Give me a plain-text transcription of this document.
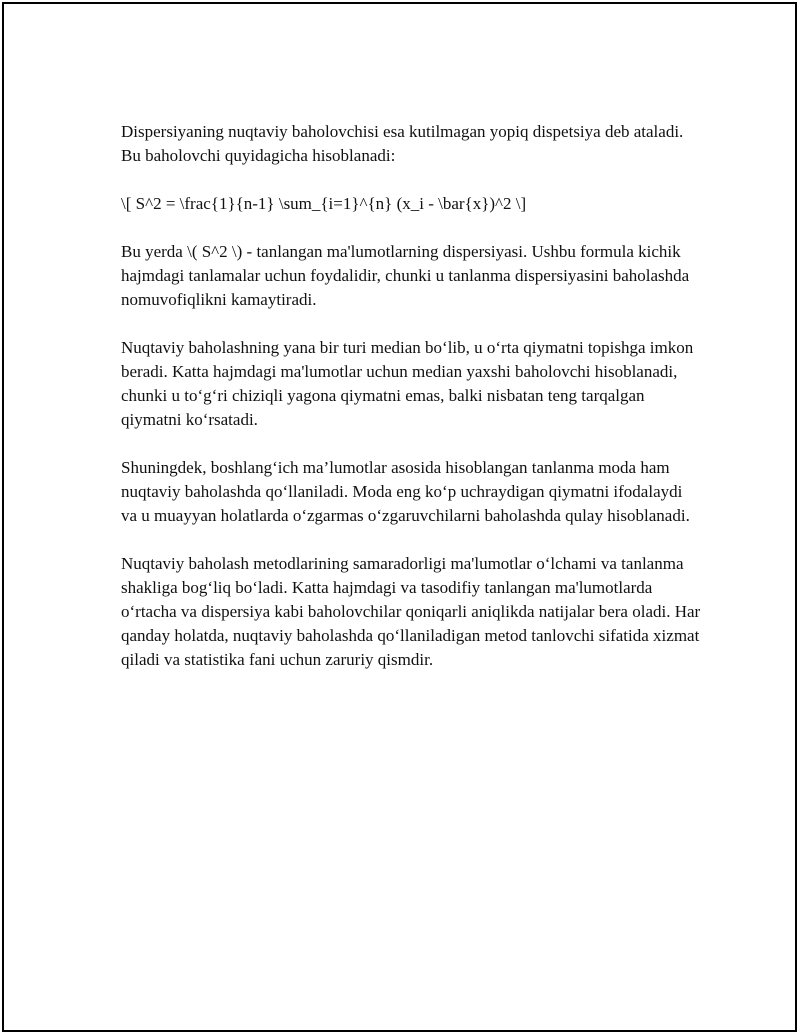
Dispersiyaning nuqtaviy baholovchisi esa kutilmagan yopiq dispetsiya deb ataladi. Bu baholovchi quyidagicha hisoblanadi:

\[ S^2 = \frac{1}{n-1} \sum_{i=1}^{n} (x_i - \bar{x})^2 \]

Bu yerda \( S^2 \) - tanlangan ma'lumotlarning dispersiyasi. Ushbu formula kichik hajmdagi tanlamalar uchun foydalidir, chunki u tanlanma dispersiyasini baholashda nomuvofiqlikni kamaytiradi.

Nuqtaviy baholashning yana bir turi median bo‘lib, u o‘rta qiymatni topishga imkon beradi. Katta hajmdagi ma'lumotlar uchun median yaxshi baholovchi hisoblanadi, chunki u to‘g‘ri chiziqli yagona qiymatni emas, balki nisbatan teng tarqalgan qiymatni ko‘rsatadi.

Shuningdek, boshlang‘ich ma’lumotlar asosida hisoblangan tanlanma moda ham nuqtaviy baholashda qo‘llaniladi. Moda eng ko‘p uchraydigan qiymatni ifodalaydi va u muayyan holatlarda o‘zgarmas o‘zgaruvchilarni baholashda qulay hisoblanadi.

Nuqtaviy baholash metodlarining samaradorligi ma'lumotlar o‘lchami va tanlanma shakliga bog‘liq bo‘ladi. Katta hajmdagi va tasodifiy tanlangan ma'lumotlarda o‘rtacha va dispersiya kabi baholovchilar qoniqarli aniqlikda natijalar bera oladi. Har qanday holatda, nuqtaviy baholashda qo‘llaniladigan metod tanlovchi sifatida xizmat qiladi va statistika fani uchun zaruriy qismdir.
